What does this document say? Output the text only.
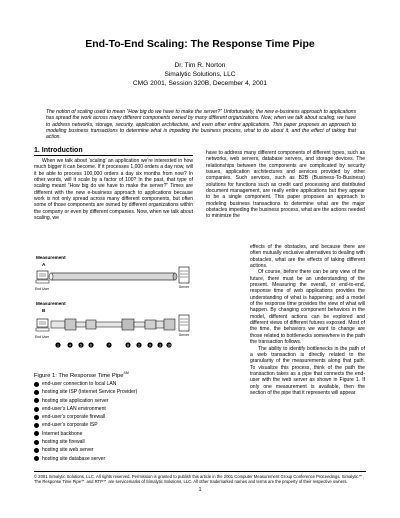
End-To-End Scaling: The Response Time Pipe
Dr. Tim R. Norton
Simalytic Solutions, LLC
CMG 2001, Session 320B, December 4, 2001
The notion of scaling used to mean “How big do we have to make the server?” Unfortunately, the new e-business approach to applications has spread the work across many different components owned by many different organizations. Now, when we talk about scaling, we have to address networks, storage, security, application architecture, and even other entire applications. This paper proposes an approach to modeling business transactions to determine what is impeding the business process, what to do about it, and the effect of taking that action.
1. Introduction

When we talk about ‘scaling’ an application we're interested in how much bigger it can become. If it processes 1,000 orders a day now, will it be able to process 100,000 orders a day six months from now? In other words, will it scale by a factor of 100? In the past, that type of scaling meant “How big do we have to make the server?” Times are different with the new e-business approach to applications because work is not only spread across many different components, but often some of those components are owned by different organizations within the company or even by different companies. Now, when we talk about scaling, we

Measurement
A
End User	Server
Measurement
B
End User	Server
1	4	5	6	7	8	2	9	3 10
Figure 1: The Response Time Pipe℠
end-user connection to local LAN
hosting site ISP (Internet Service Provider)
hosting site application server
end-user's LAN environment
end-user's corporate firewall
end-user's corporate ISP
Internet backbone
hosting site firewall
hosting site web server
hosting site database server

have to address many different components of different types, such as networks, web servers, database servers, and storage devices. The relationships between the components are complicated by security issues, application architectures and services provided by other companies. Such services, such as B2B (Business-To-Business) solutions for functions such as credit card processing and distributed document management, are really entire applications but they appear to be a single component. This paper proposes an approach to modeling business transactions to determine what are the major obstacles impeding the business process, what are the actions needed to minimize the

effects of the obstacles, and because there are often mutually exclusive alternatives to dealing with obstacles, what are the effects of taking different actions.

Of course, before there can be any view of the future, there must be an understanding of the present. Measuring the overall, or end-to-end, response time of web applications provides the understanding of what is happening; and a model of the response time provides the view of what will happen. By changing component behaviors in the model, different actions can be explored and different views of different futures exposed. Most of the time, the behaviors we want to change are those related to bottlenecks somewhere in the path the transaction follows.

The ability to identify bottlenecks in the path of a web transaction is directly related to the granularity of the measurements along that path. To visualize this process, think of the path the transaction takes as a pipe that connects the end-user with the web server as shown in Figure 1. If only one measurement is available, then the section of the pipe that it represents will appear

© 2001 Simalytic Solutions, LLC. All rights reserved. Permission is granted to publish this article in the 2001 Computer Measurement Group Conference Proceedings. Simalytic℠, The Response Time Pipe℠ and RTP℠ are servicemarks of Simalytic Solutions, LLC. All other trademarked names and terms are the property of their respective owners.
1
